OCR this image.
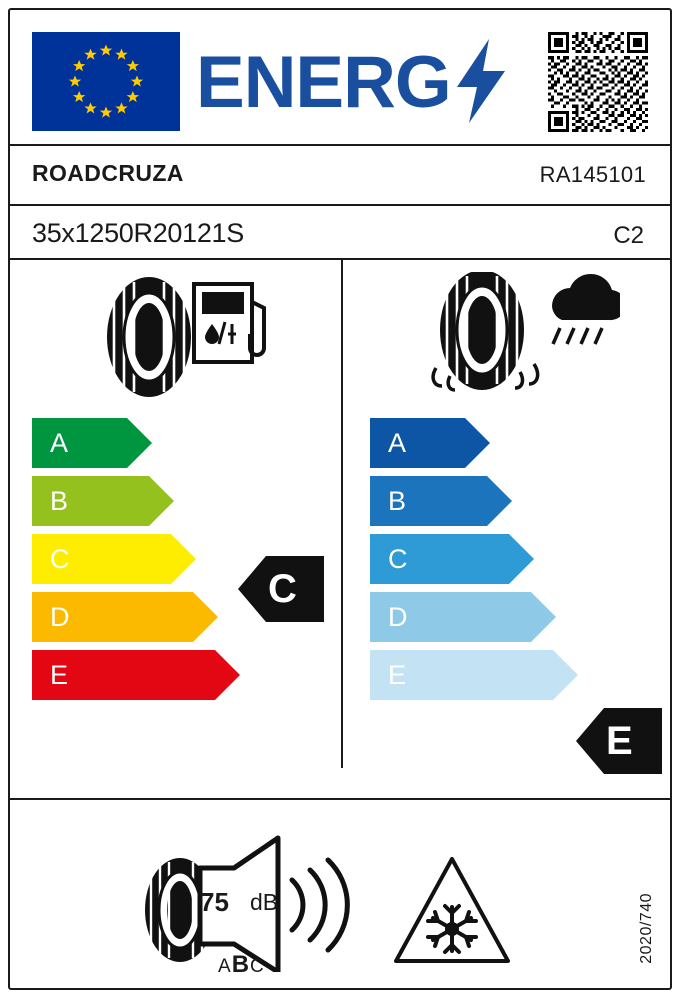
ENERG
ROADCRUZA	RA145101
35x1250R20121S	C2
A
B
C
D
E
A
B
C
D
E
C
E
75 dB
ABC
2020/740
